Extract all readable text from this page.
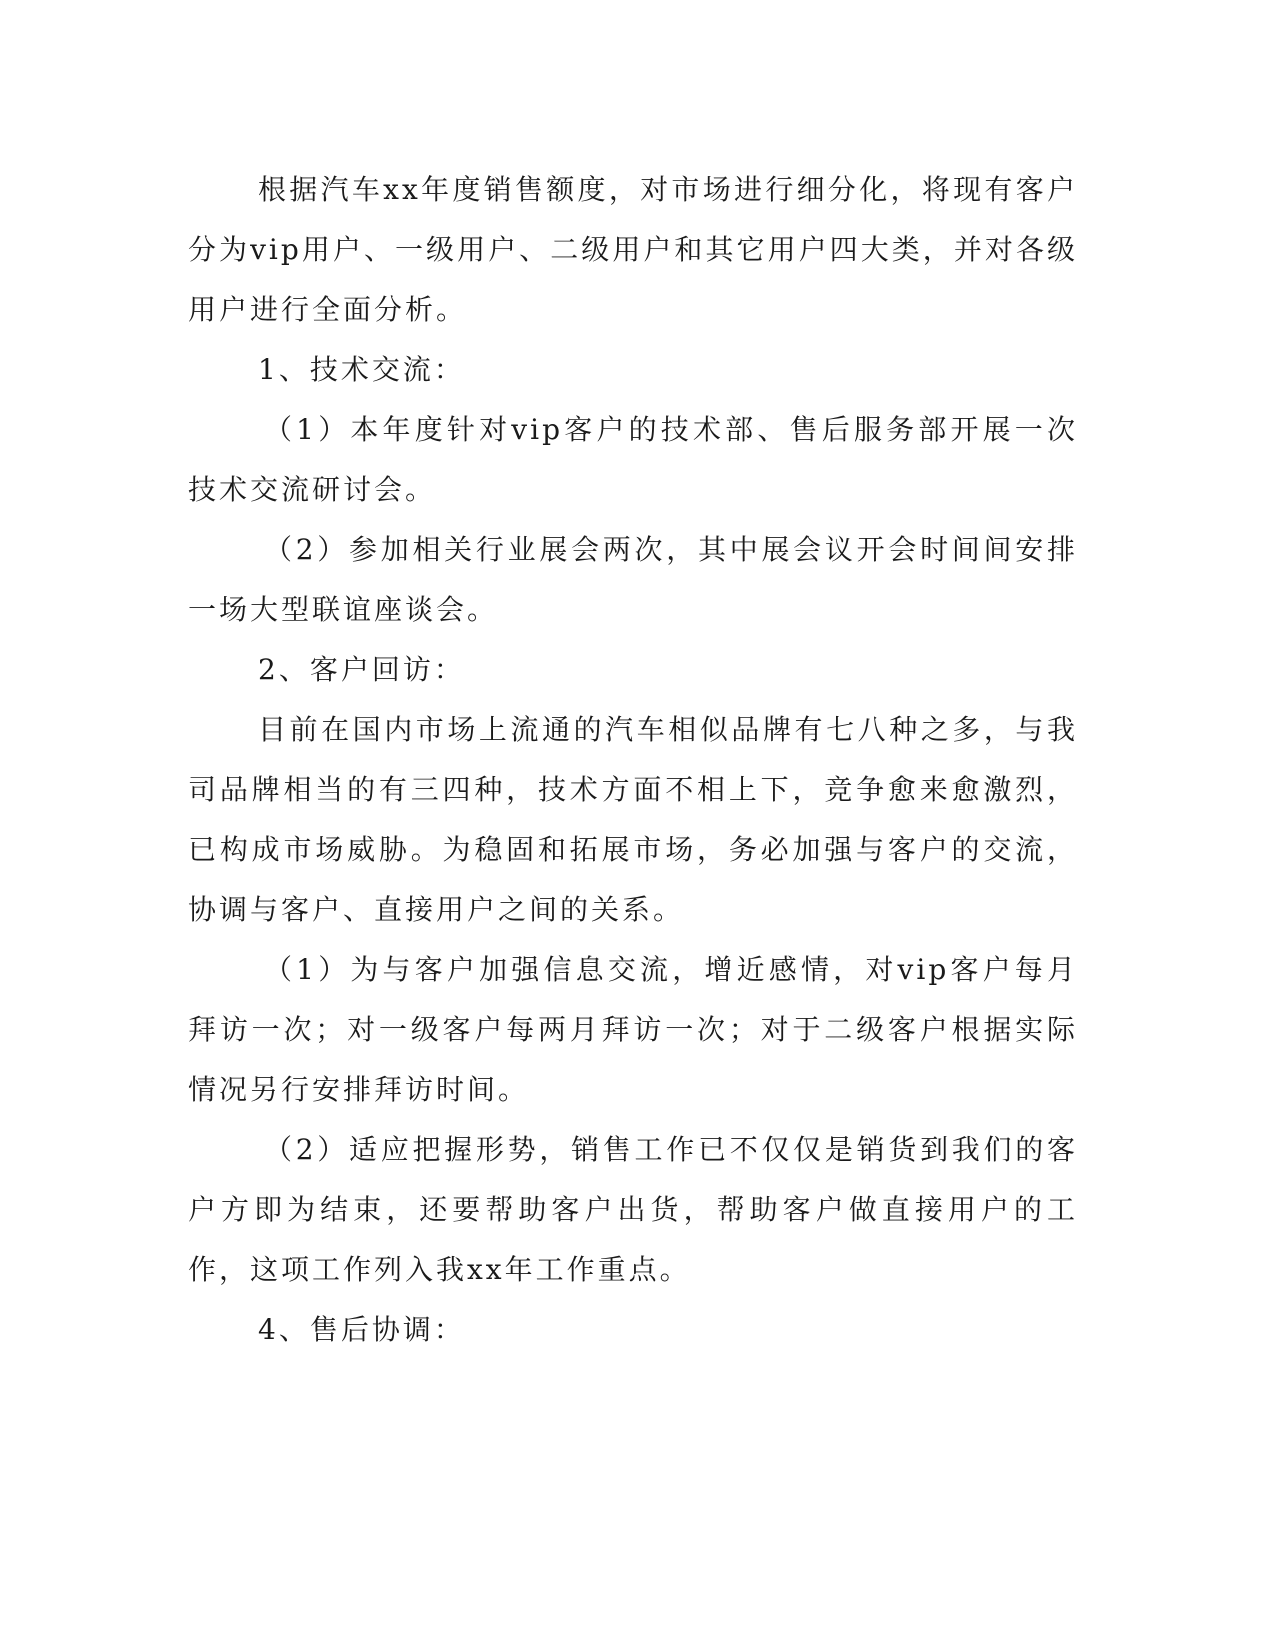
根据汽车xx年度销售额度，对市场进行细分化，将现有客户分为vip用户、一级用户、二级用户和其它用户四大类，并对各级用户进行全面分析。

1、技术交流：

（1）本年度针对vip客户的技术部、售后服务部开展一次技术交流研讨会。

（2）参加相关行业展会两次，其中展会议开会时间间安排一场大型联谊座谈会。

2、客户回访：

目前在国内市场上流通的汽车相似品牌有七八种之多，与我司品牌相当的有三四种，技术方面不相上下，竞争愈来愈激烈，已构成市场威胁。为稳固和拓展市场，务必加强与客户的交流，协调与客户、直接用户之间的关系。

（1）为与客户加强信息交流，增近感情，对vip客户每月拜访一次；对一级客户每两月拜访一次；对于二级客户根据实际情况另行安排拜访时间。

（2）适应把握形势，销售工作已不仅仅是销货到我们的客户方即为结束，还要帮助客户出货，帮助客户做直接用户的工作，这项工作列入我xx年工作重点。

4、售后协调：
